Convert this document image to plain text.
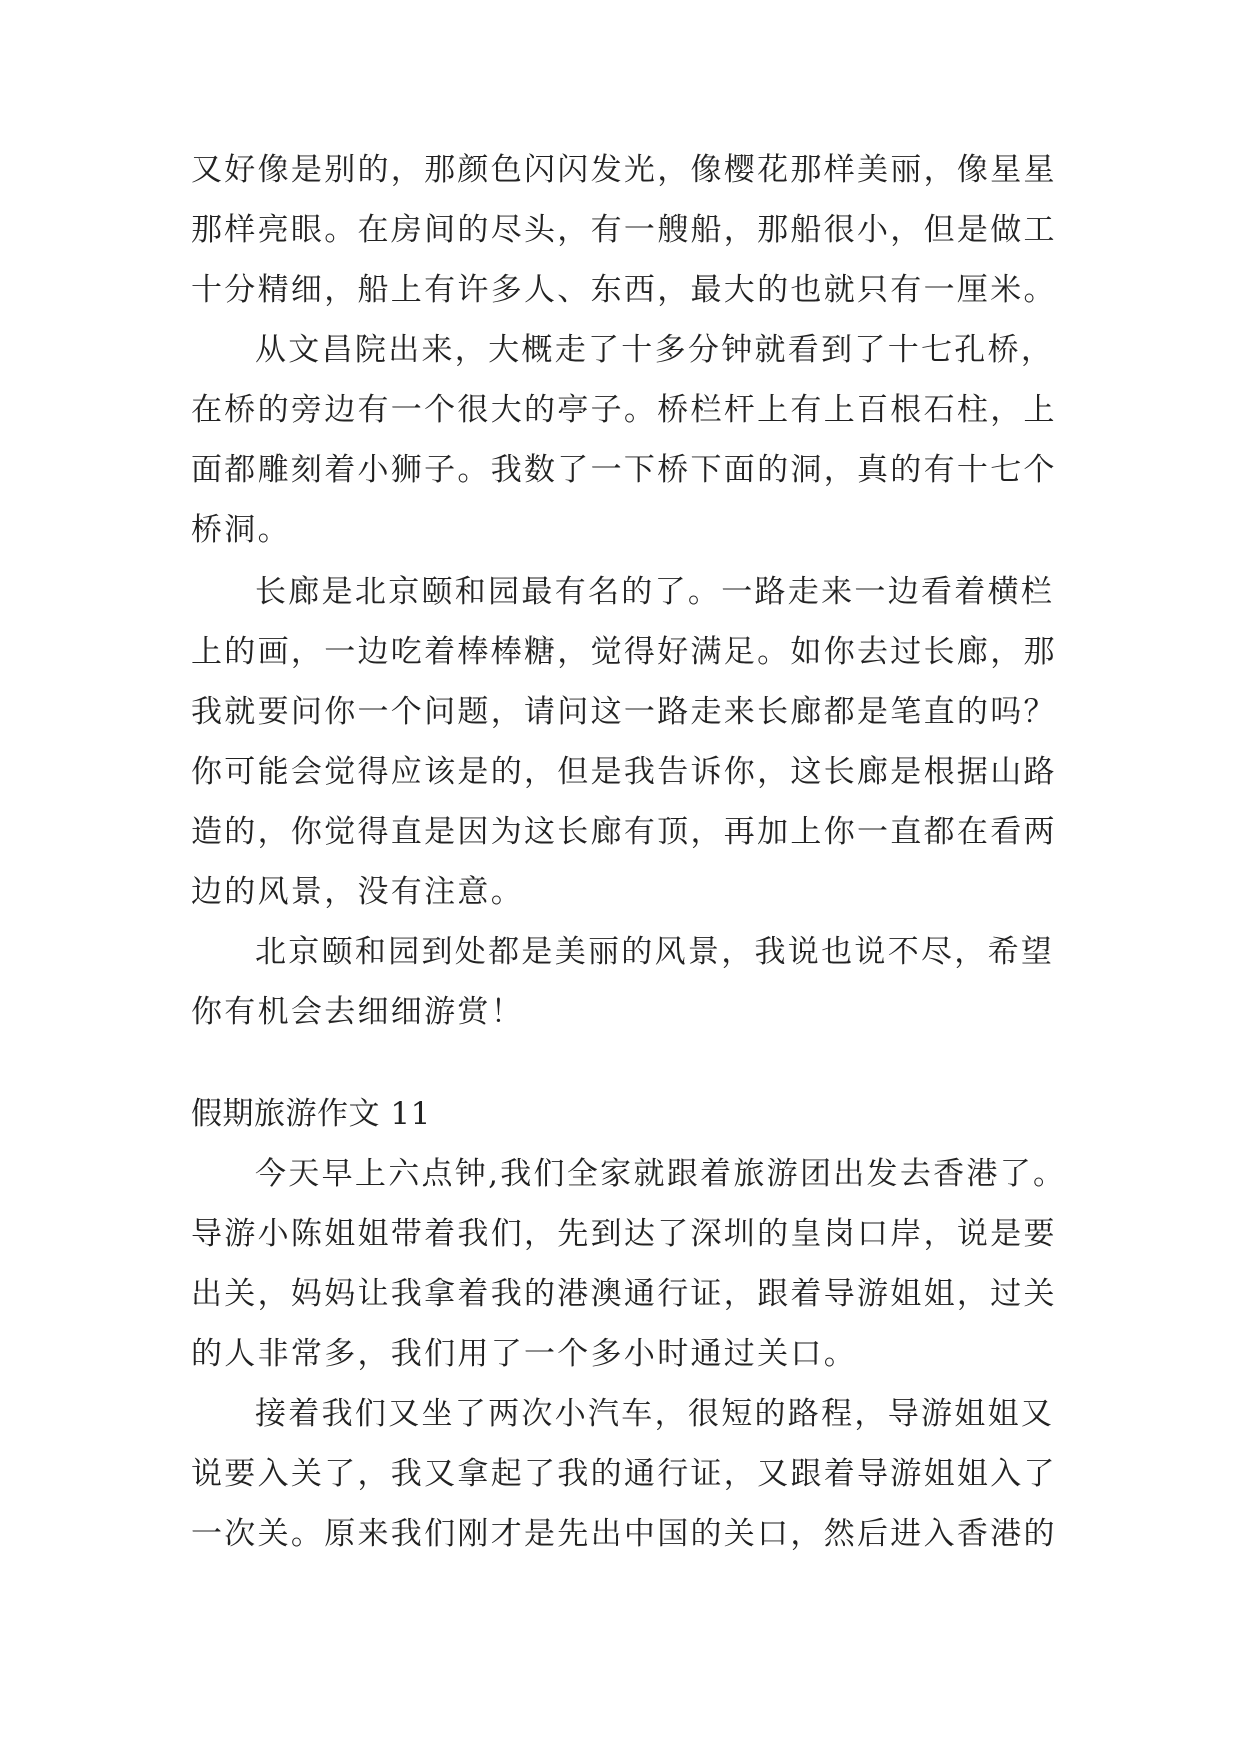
又好像是别的，那颜色闪闪发光，像樱花那样美丽，像星星
那样亮眼。在房间的尽头，有一艘船，那船很小，但是做工
十分精细，船上有许多人、东西，最大的也就只有一厘米。
从文昌院出来，大概走了十多分钟就看到了十七孔桥，
在桥的旁边有一个很大的亭子。桥栏杆上有上百根石柱，上
面都雕刻着小狮子。我数了一下桥下面的洞，真的有十七个
桥洞。
长廊是北京颐和园最有名的了。一路走来一边看着横栏
上的画，一边吃着棒棒糖，觉得好满足。如你去过长廊，那
我就要问你一个问题，请问这一路走来长廊都是笔直的吗？
你可能会觉得应该是的，但是我告诉你，这长廊是根据山路
造的，你觉得直是因为这长廊有顶，再加上你一直都在看两
边的风景，没有注意。
北京颐和园到处都是美丽的风景，我说也说不尽，希望
你有机会去细细游赏！
假期旅游作文 11
今天早上六点钟,我们全家就跟着旅游团出发去香港了。
导游小陈姐姐带着我们，先到达了深圳的皇岗口岸，说是要
出关，妈妈让我拿着我的港澳通行证，跟着导游姐姐，过关
的人非常多，我们用了一个多小时通过关口。
接着我们又坐了两次小汽车，很短的路程，导游姐姐又
说要入关了，我又拿起了我的通行证，又跟着导游姐姐入了
一次关。原来我们刚才是先出中国的关口，然后进入香港的
